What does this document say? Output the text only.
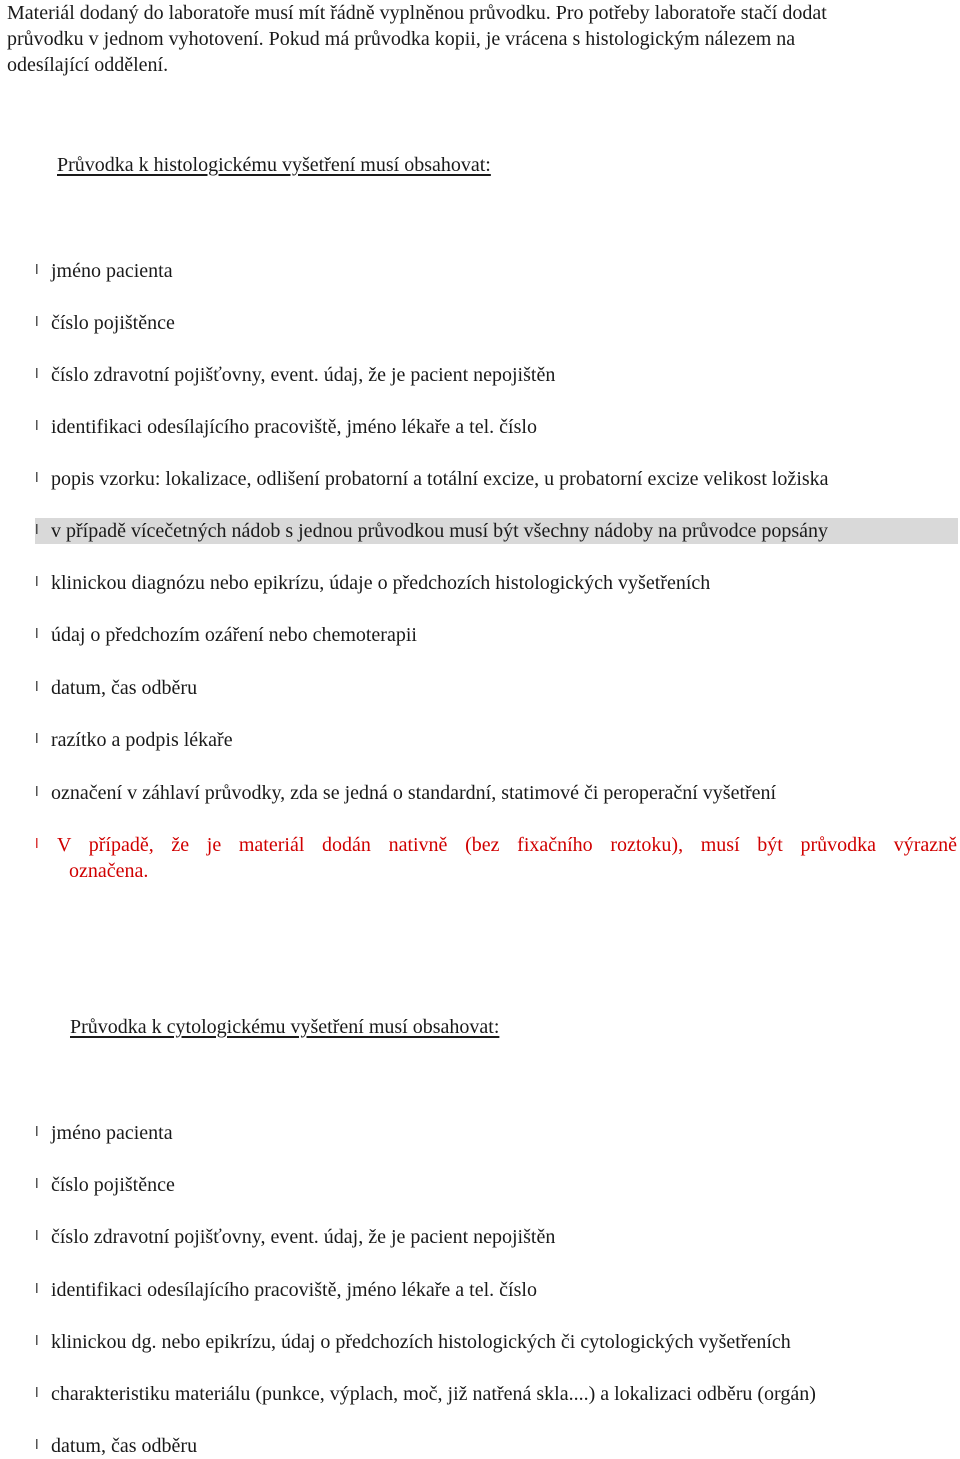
Materiál dodaný do laboratoře musí mít řádně vyplněnou průvodku. Pro potřeby laboratoře stačí dodat
průvodku v jednom vyhotovení. Pokud má průvodka kopii, je vrácena s histologickým nálezem na
odesílající oddělení.
Průvodka k histologickému vyšetření musí obsahovat:
l jméno pacienta
l číslo pojištěnce
l číslo zdravotní pojišťovny, event. údaj, že je pacient nepojištěn
l identifikaci odesílajícího pracoviště, jméno lékaře a tel. číslo
l popis vzorku: lokalizace, odlišení probatorní a totální excize, u probatorní excize velikost ložiska
l v případě vícečetných nádob s jednou průvodkou musí být všechny nádoby na průvodce popsány
l klinickou diagnózu nebo epikrízu, údaje o předchozích histologických vyšetřeních
l údaj o předchozím ozáření nebo chemoterapii
l datum, čas odběru
l razítko a podpis lékaře
l označení v záhlaví průvodky, zda se jedná o standardní, statimové či peroperační vyšetření
l V případě, že je materiál dodán nativně (bez fixačního roztoku), musí být průvodka výrazně
označena.
Průvodka k cytologickému vyšetření musí obsahovat:
l jméno pacienta
l číslo pojištěnce
l číslo zdravotní pojišťovny, event. údaj, že je pacient nepojištěn
l identifikaci odesílajícího pracoviště, jméno lékaře a tel. číslo
l klinickou dg. nebo epikrízu, údaj o předchozích histologických či cytologických vyšetřeních
l charakteristiku materiálu (punkce, výplach, moč, již natřená skla....) a lokalizaci odběru (orgán)
l datum, čas odběru
